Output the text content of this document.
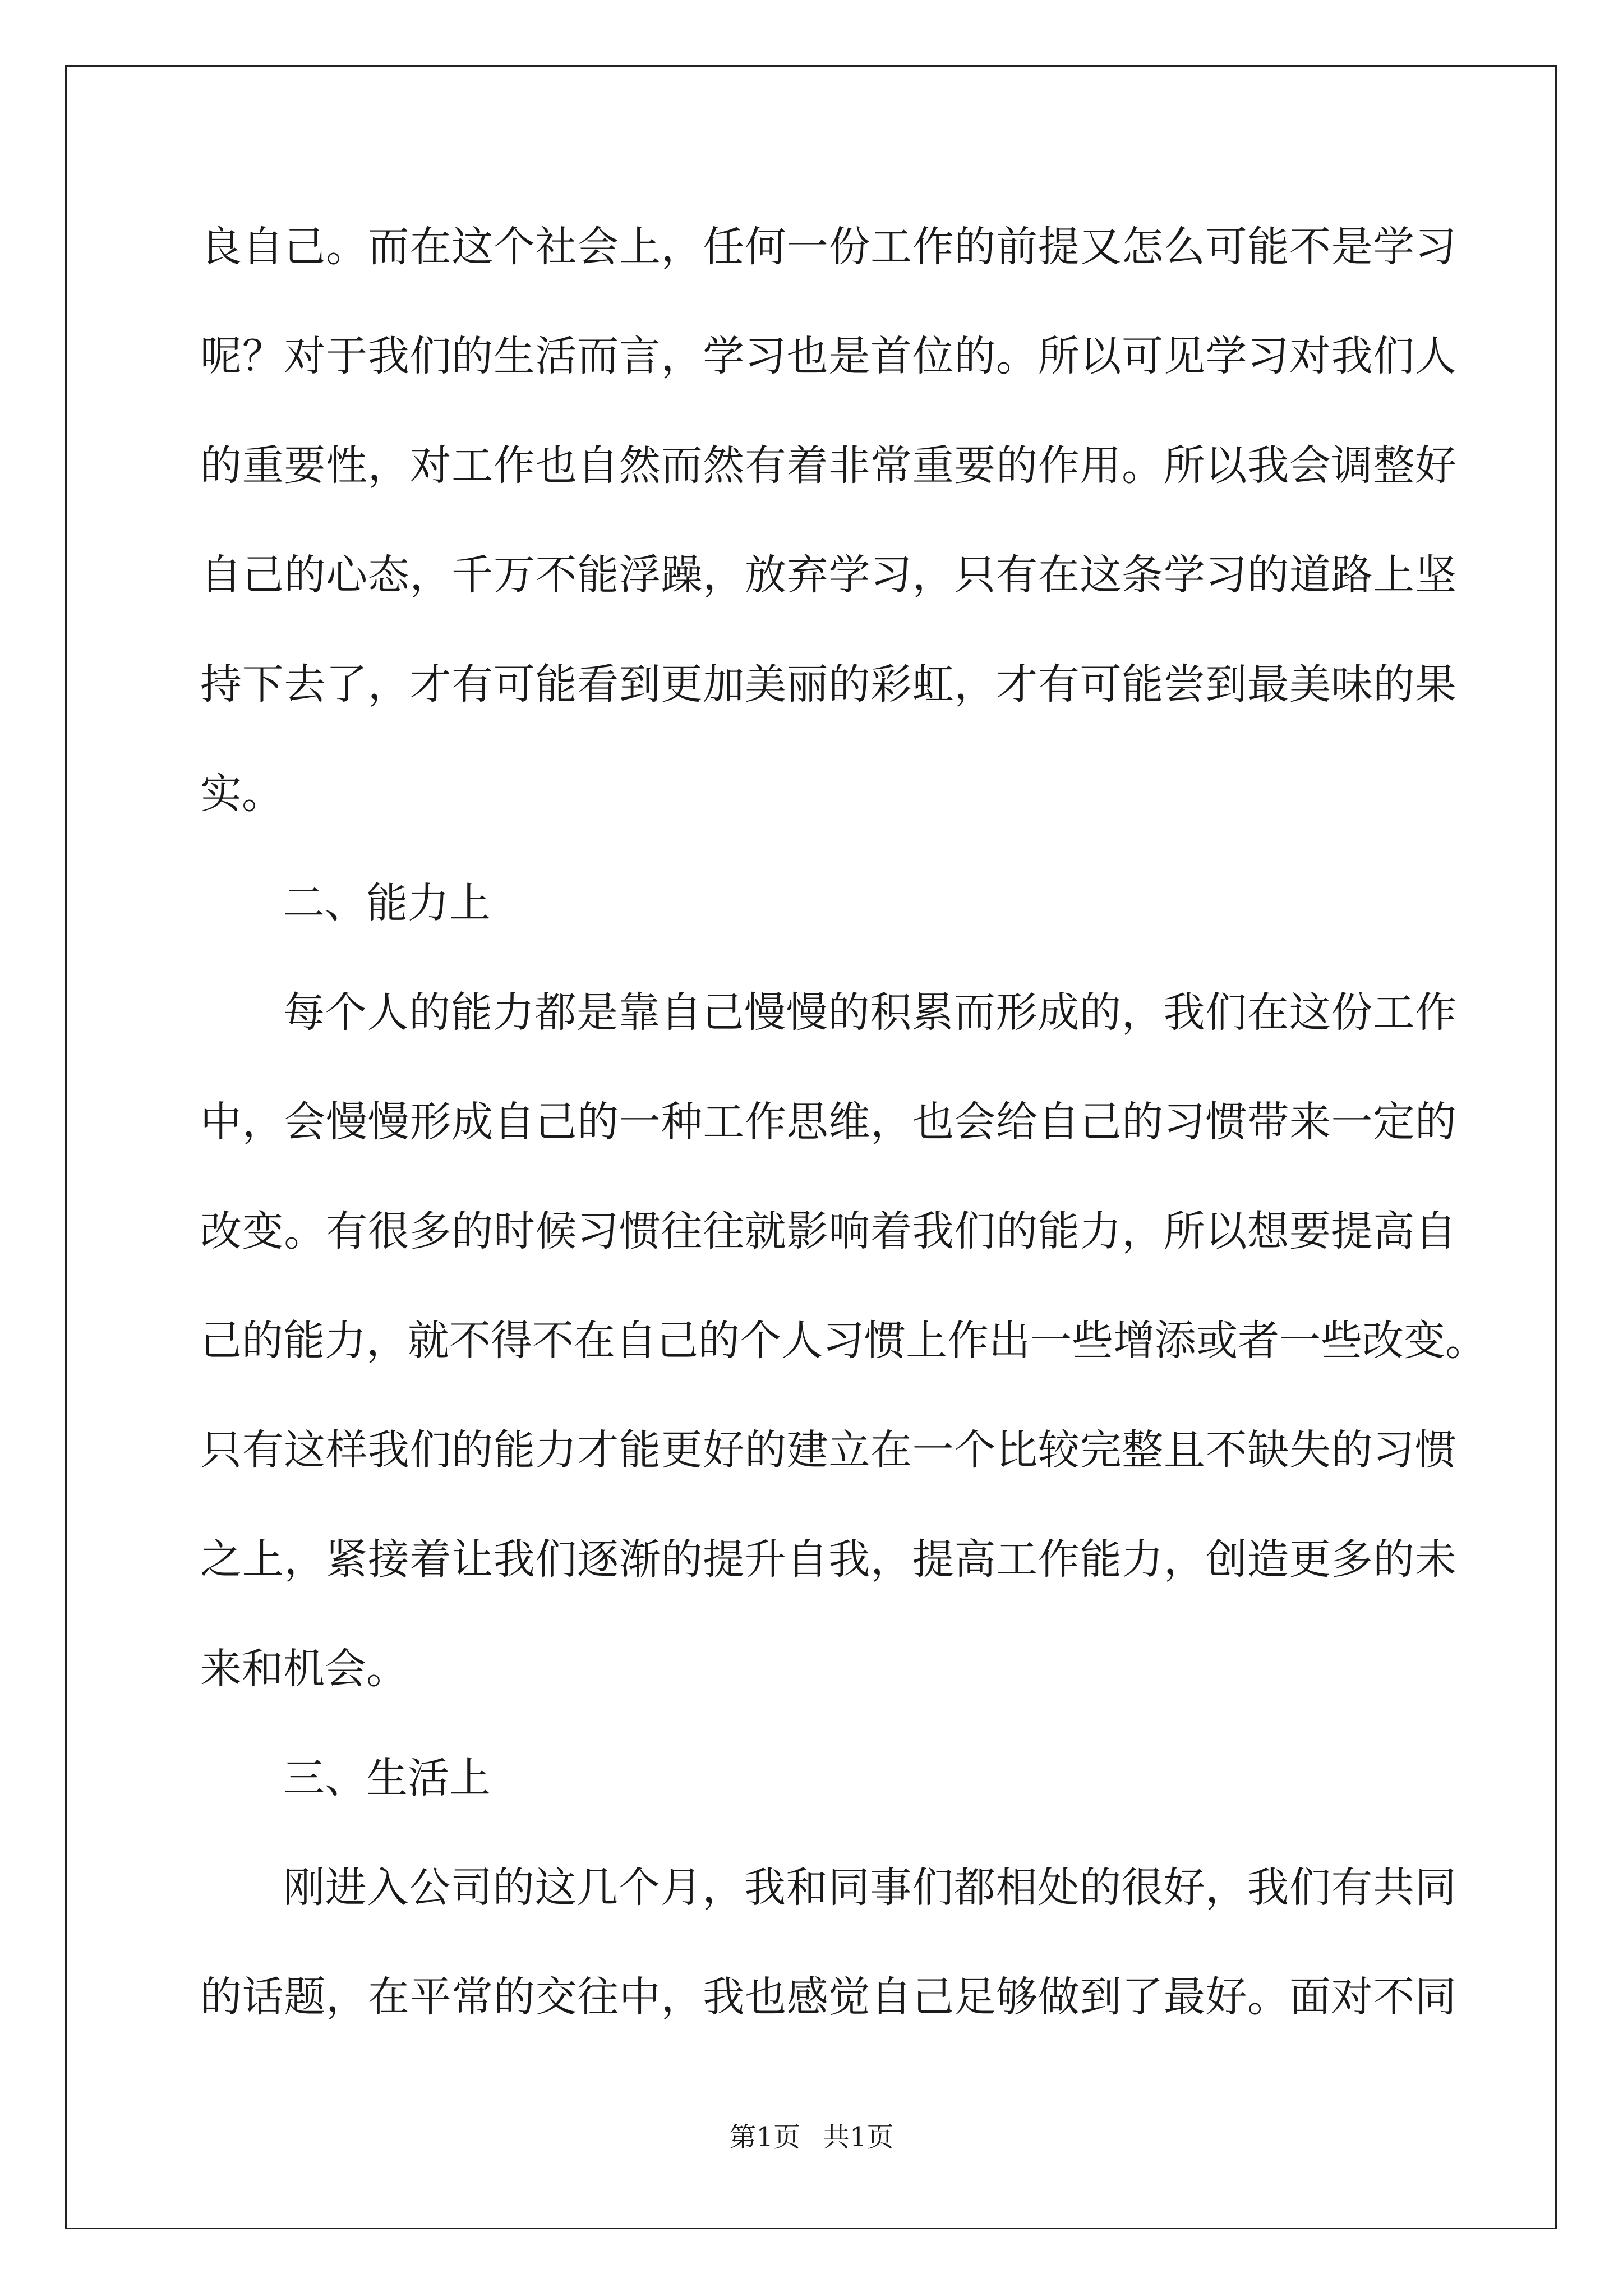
良自己。而在这个社会上，任何一份工作的前提又怎么可能不是学习
呢？对于我们的生活而言，学习也是首位的。所以可见学习对我们人
的重要性，对工作也自然而然有着非常重要的作用。所以我会调整好
自己的心态，千万不能浮躁，放弃学习，只有在这条学习的道路上坚
持下去了，才有可能看到更加美丽的彩虹，才有可能尝到最美味的果
实。
二、能力上
每个人的能力都是靠自己慢慢的积累而形成的，我们在这份工作
中，会慢慢形成自己的一种工作思维，也会给自己的习惯带来一定的
改变。有很多的时候习惯往往就影响着我们的能力，所以想要提高自
己的能力，就不得不在自己的个人习惯上作出一些增添或者一些改变。
只有这样我们的能力才能更好的建立在一个比较完整且不缺失的习惯
之上，紧接着让我们逐渐的提升自我，提高工作能力，创造更多的未
来和机会。
三、生活上
刚进入公司的这几个月，我和同事们都相处的很好，我们有共同
的话题，在平常的交往中，我也感觉自己足够做到了最好。面对不同
第1页 共1页
